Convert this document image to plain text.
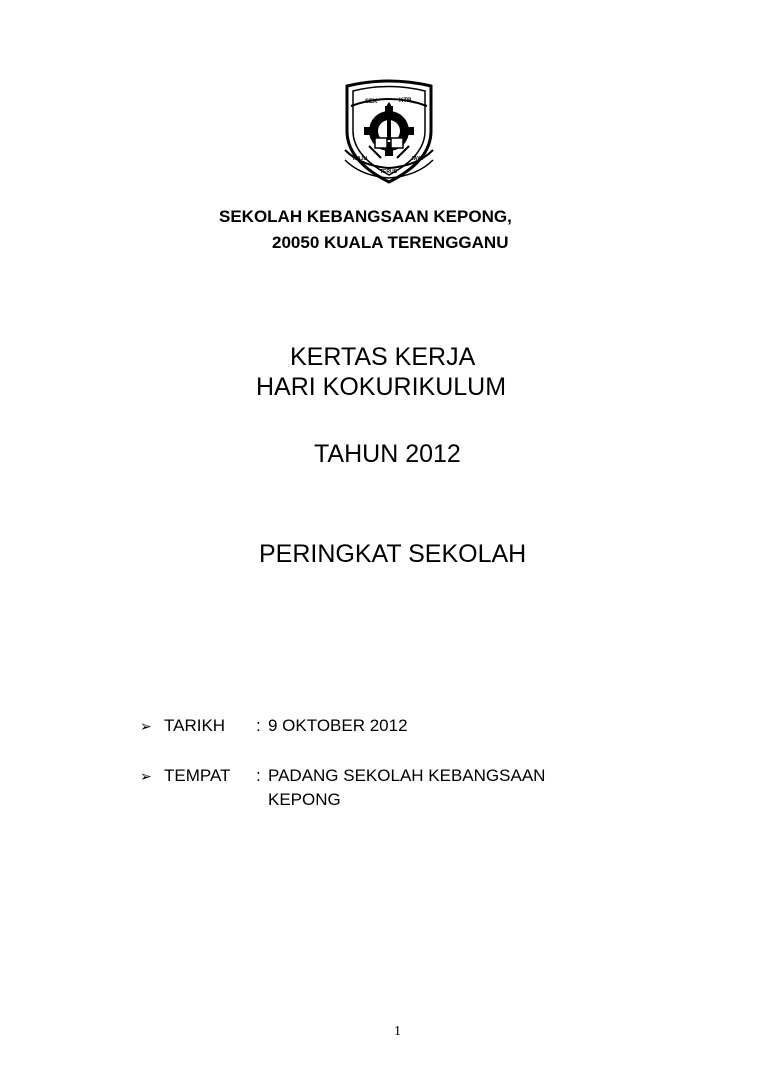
SEK	KTR
MAJU
TERUS
JAYA
SEKOLAH KEBANGSAAN KEPONG,
20050 KUALA TERENGGANU
KERTAS KERJA
HARI KOKURIKULUM
TAHUN 2012
PERINGKAT SEKOLAH
➢ TARIKH : 9 OKTOBER 2012
➢ TEMPAT : PADANG SEKOLAH KEBANGSAAN
KEPONG
1
